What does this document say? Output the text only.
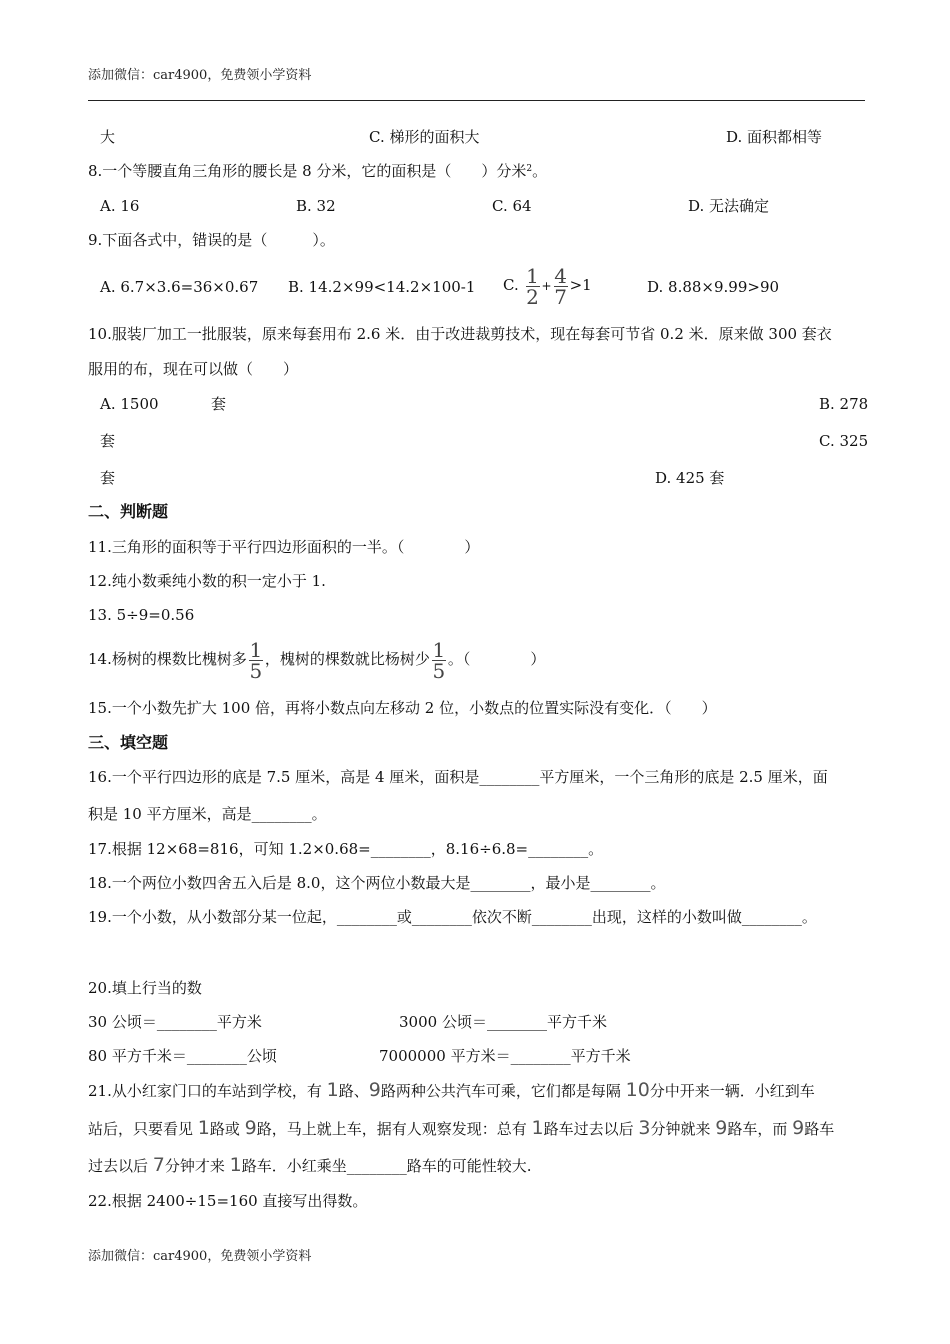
添加微信：car4900，免费领小学资料
大	C. 梯形的面积大	D. 面积都相等
8.一个等腰直角三角形的腰长是 8 分米，它的面积是（　　）分米$^2$。
A. 16	B. 32	C. 64	D. 无法确定
9.下面各式中，错误的是（　　　）。
A. 6.7×3.6=36×0.67 B. 14.2×99<14.2×100-1 C. $\frac{1}{2} + \frac{4}{7} >1$	D. 8.88×9.99>90
10.服装厂加工一批服装，原来每套用布 2.6 米．由于改进裁剪技术，现在每套可节省 0.2 米．原来做 300 套衣
服用的布，现在可以做（　　）
A. 1500	套	B. 278
套	C. 325
套	D. 425 套
二、判断题
11.三角形的面积等于平行四边形面积的一半。（　　　　）
12.纯小数乘纯小数的积一定小于 1.
13. 5÷9=0.56
14.杨树的棵数比槐树多 $\frac{1}{5}$ ，槐树的棵数就比杨树少 $\frac{1}{5}$ 。（　　　　）
15.一个小数先扩大 100 倍，再将小数点向左移动 2 位，小数点的位置实际没有变化．（　　）
三、填空题
16.一个平行四边形的底是 7.5 厘米，高是 4 厘米，面积是________平方厘米，一个三角形的底是 2.5 厘米，面
积是 10 平方厘米，高是________。
17.根据 12×68=816，可知 1.2×0.68=________，8.16÷6.8=________。
18.一个两位小数四舍五入后是 8.0，这个两位小数最大是________，最小是________。
19.一个小数，从小数部分某一位起，________或________依次不断________出现，这样的小数叫做________。
20.填上行当的数
30 公顷＝________平方米	3000 公顷＝________平方千米
80 平方千米＝________公顷	7000000 平方米＝________平方千米
21.从小红家门口的车站到学校，有 1路、9路两种公共汽车可乘，它们都是每隔 10分中开来一辆．小红到车
站后，只要看见 1路或 9路，马上就上车，据有人观察发现：总有 1路车过去以后 3分钟就来 9路车，而 9路车
过去以后 7分钟才来 1路车．小红乘坐________路车的可能性较大.
22.根据 2400÷15=160 直接写出得数。
添加微信：car4900，免费领小学资料
